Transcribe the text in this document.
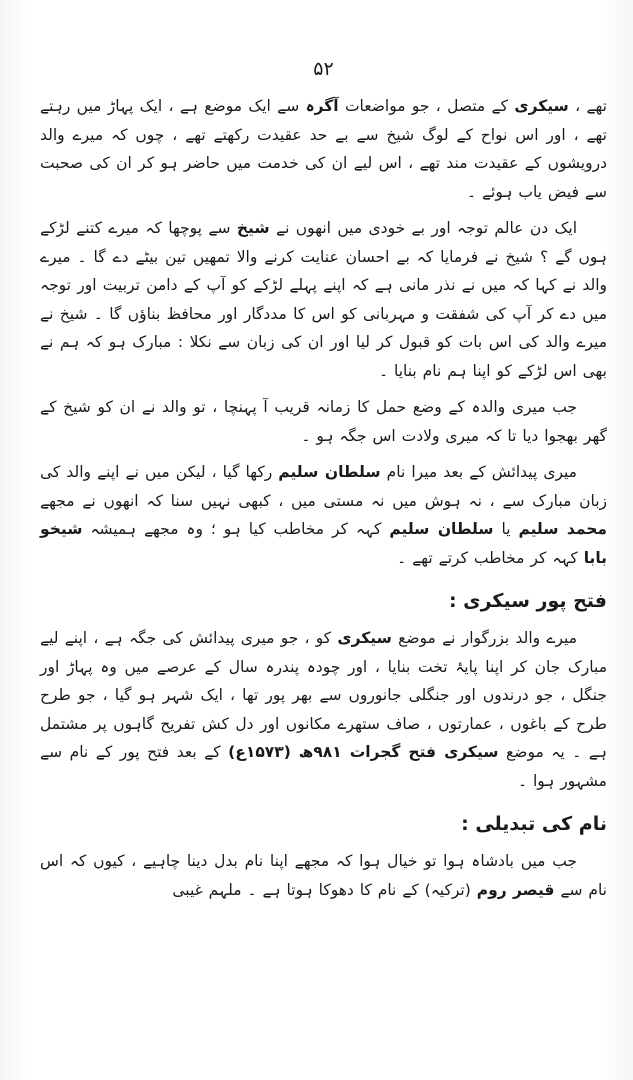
۵۲

تھے ، سیکری کے متصل ، جو مواضعات آگرہ سے ایک موضع ہے ، ایک پہاڑ میں رہتے تھے ، اور اس نواح کے لوگ شیخ سے بے حد عقیدت رکھتے تھے ، چوں کہ میرے والد درویشوں کے عقیدت مند تھے ، اس لیے ان کی خدمت میں حاضر ہو کر ان کی صحبت سے فیض یاب ہوئے ۔

ایک دن عالم توجہ اور بے خودی میں انھوں نے شیخ سے پوچھا کہ میرے کتنے لڑکے ہوں گے ؟ شیخ نے فرمایا کہ بے احسان عنایت کرنے والا تمھیں تین بیٹے دے گا ۔ میرے والد نے کہا کہ میں نے نذر مانی ہے کہ اپنے پہلے لڑکے کو آپ کے دامن تربیت اور توجہ میں دے کر آپ کی شفقت و مہربانی کو اس کا مددگار اور محافظ بناؤں گا ۔ شیخ نے میرے والد کی اس بات کو قبول کر لیا اور ان کی زبان سے نکلا : مبارک ہو کہ ہم نے بھی اس لڑکے کو اپنا ہم نام بنایا ۔

جب میری والدہ کے وضع حمل کا زمانہ قریب آ پہنچا ، تو والد نے ان کو شیخ کے گھر بھجوا دیا تا کہ میری ولادت اس جگہ ہو ۔

میری پیدائش کے بعد میرا نام سلطان سلیم رکھا گیا ، لیکن میں نے اپنے والد کی زبان مبارک سے ، نہ ہوش میں نہ مستی میں ، کبھی نہیں سنا کہ انھوں نے مجھے محمد سلیم یا سلطان سلیم کہہ کر مخاطب کیا ہو ؛ وہ مجھے ہمیشہ شیخو بابا کہہ کر مخاطب کرتے تھے ۔

فتح پور سیکری :

میرے والد بزرگوار نے موضع سیکری کو ، جو میری پیدائش کی جگہ ہے ، اپنے لیے مبارک جان کر اپنا پایۂ تخت بنایا ، اور چودہ پندرہ سال کے عرصے میں وہ پہاڑ اور جنگل ، جو درندوں اور جنگلی جانوروں سے بھر پور تھا ، ایک شہر ہو گیا ، جو طرح طرح کے باغوں ، عمارتوں ، صاف ستھرے مکانوں اور دل کش تفریح گاہوں پر مشتمل ہے ۔ یہ موضع سیکری فتح گجرات ۹۸۱ھ (۱۵۷۳ع) کے بعد فتح پور کے نام سے مشہور ہوا ۔

نام کی تبدیلی :

جب میں بادشاہ ہوا تو خیال ہوا کہ مجھے اپنا نام بدل دینا چاہیے ، کیوں کہ اس نام سے قیصر روم (ترکیہ) کے نام کا دھوکا ہوتا ہے ۔ ملہم غیبی
